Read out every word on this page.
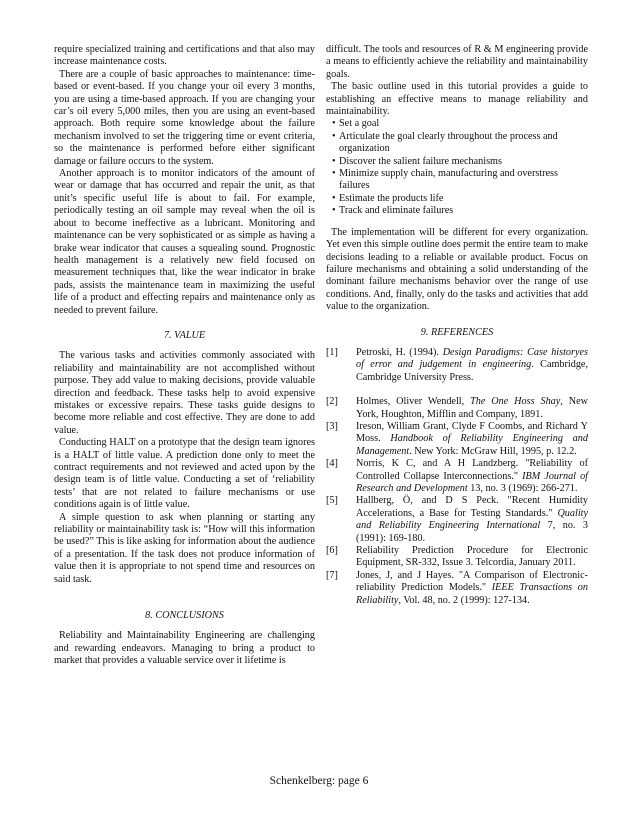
require specialized training and certifications and that also may increase maintenance costs.

There are a couple of basic approaches to maintenance: time-based or event-based. If you change your oil every 3 months, you are using a time-based approach. If you are changing your car’s oil every 5,000 miles, then you are using an event-based approach. Both require some knowledge about the failure mechanism involved to set the triggering time or event criteria, so the maintenance is performed before either significant damage or failure occurs to the system.

Another approach is to monitor indicators of the amount of wear or damage that has occurred and repair the unit, as that unit’s specific useful life is about to fail. For example, periodically testing an oil sample may reveal when the oil is about to become ineffective as a lubricant. Monitoring and maintenance can be very sophisticated or as simple as having a brake wear indicator that causes a squealing sound. Prognostic health management is a relatively new field focused on measurement techniques that, like the wear indicator in brake pads, assists the maintenance team in maximizing the useful life of a product and effecting repairs and maintenance only as needed to prevent failure.

7. VALUE

The various tasks and activities commonly associated with reliability and maintainability are not accomplished without purpose. They add value to making decisions, provide valuable direction and feedback. These tasks help to avoid expensive mistakes or excessive repairs. These tasks guide designs to become more reliable and cost effective. They are done to add value.

Conducting HALT on a prototype that the design team ignores is a HALT of little value. A prediction done only to meet the contract requirements and not reviewed and acted upon by the design team is of little value. Conducting a set of ‘reliability tests’ that are not related to failure mechanisms or use conditions again is of little value.

A simple question to ask when planning or starting any reliability or maintainability task is: “How will this information be used?” This is like asking for information about the audience of a presentation. If the task does not produce information of value then it is appropriate to not spend time and resources on said task.

8. CONCLUSIONS

Reliability and Maintainability Engineering are challenging and rewarding endeavors. Managing to bring a product to market that provides a valuable service over it lifetime is

difficult. The tools and resources of R & M engineering provide a means to efficiently achieve the reliability and maintainability goals.

The basic outline used in this tutorial provides a guide to establishing an effective means to manage reliability and maintainability.

• Set a goal
• Articulate the goal clearly throughout the process and organization
• Discover the salient failure mechanisms
• Minimize supply chain, manufacturing and overstress failures
• Estimate the products life
• Track and eliminate failures

The implementation will be different for every organization. Yet even this simple outline does permit the entire team to make decisions leading to a reliable or available product. Focus on failure mechanisms and obtaining a solid understanding of the dominant failure mechanisms behavior over the range of use conditions. And, finally, only do the tasks and activities that add value to the organization.

9. REFERENCES
[1] Petroski, H. (1994). Design Paradigms: Case historyes of error and judgement in engineering. Cambridge, Cambridge University Press.
[2] Holmes, Oliver Wendell, The One Hoss Shay, New York, Houghton, Mifflin and Company, 1891.
[3] Ireson, William Grant, Clyde F Coombs, and Richard Y Moss. Handbook of Reliability Engineering and Management. New York: McGraw Hill, 1995, p. 12.2.
[4] Norris, K C, and A H Landzberg. "Reliability of Controlled Collapse Interconnections." IBM Journal of Research and Development 13, no. 3 (1969): 266-271.
[5] Hallberg, Ö, and D S Peck. "Recent Humidity Accelerations, a Base for Testing Standards." Quality and Reliability Engineering International 7, no. 3 (1991): 169-180.
[6] Reliability Prediction Procedure for Electronic Equipment, SR-332, Issue 3. Telcordia, January 2011.
[7] Jones, J, and J Hayes. "A Comparison of Electronic-reliability Prediction Models." IEEE Transactions on Reliability, Vol. 48, no. 2 (1999): 127-134.
Schenkelberg: page 6
